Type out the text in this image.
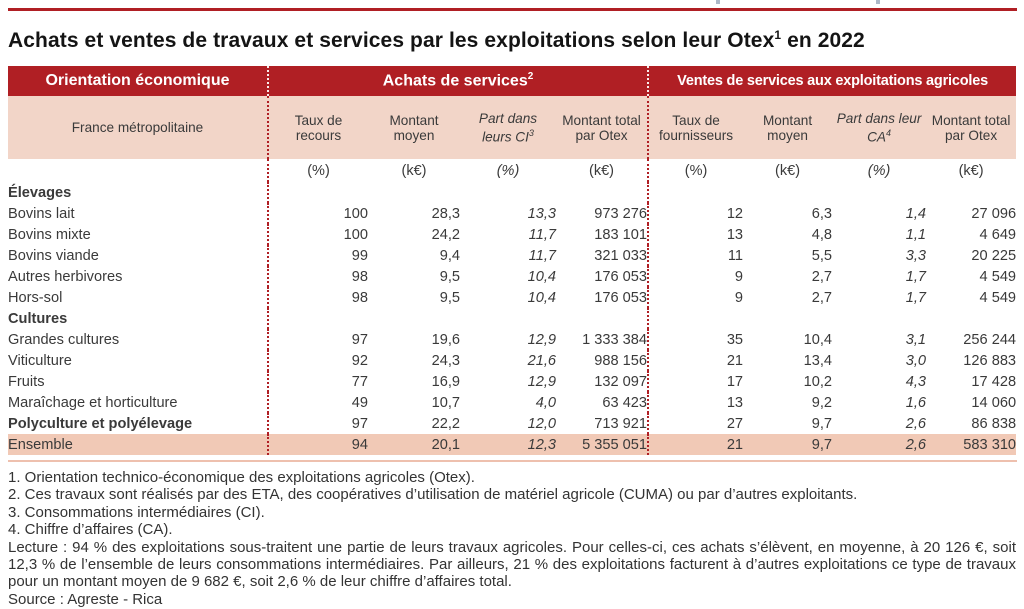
Achats et ventes de travaux et services par les exploitations selon leur Otex$^1$ en 2022
Orientation économique	Achats de services$^2$				Ventes de services aux exploitations agricoles			
France métropolitaine	Taux de recours	Montant moyen	Part dans leurs $CI^3$	Montant total par Otex	Taux de fournisseurs	Montant moyen	Part dans leur $CA^4$	Montant total par Otex
	(%)	(k€)	(%)	(k€)	(%)	(k€)	(%)	(k€)
Élevages								
Bovins lait	100	28,3	13,3	973 276	12	6,3	1,4	27 096
Bovins mixte	100	24,2	11,7	183 101	13	4,8	1,1	4 649
Bovins viande	99	9,4	11,7	321 033	11	5,5	3,3	20 225
Autres herbivores	98	9,5	10,4	176 053	9	2,7	1,7	4 549
Hors-sol	98	9,5	10,4	176 053	9	2,7	1,7	4 549
Cultures								
Grandes cultures	97	19,6	12,9	1 333 384	35	10,4	3,1	256 244
Viticulture	92	24,3	21,6	988 156	21	13,4	3,0	126 883
Fruits	77	16,9	12,9	132 097	17	10,2	4,3	17 428
Maraîchage et horticulture	49	10,7	4,0	63 423	13	9,2	1,6	14 060
Polyculture et polyélevage	97	22,2	12,0	713 921	27	9,7	2,6	86 838
Ensemble	94	20,1	12,3	5 355 051	21	9,7	2,6	583 310
1. Orientation technico-économique des exploitations agricoles (Otex).
2. Ces travaux sont réalisés par des ETA, des coopératives d’utilisation de matériel agricole (CUMA) ou par d’autres exploitants.
3. Consommations intermédiaires (CI).
4. Chiffre d’affaires (CA).
Lecture : 94 % des exploitations sous-traitent une partie de leurs travaux agricoles. Pour celles-ci, ces achats s’élèvent, en moyenne, à 20 126 €, soit 12,3 % de l’ensemble de leurs consommations intermédiaires. Par ailleurs, 21 % des exploitations facturent à d’autres exploitations ce type de travaux pour un montant moyen de 9 682 €, soit 2,6 % de leur chiffre d’affaires total.
Source : Agreste - Rica
